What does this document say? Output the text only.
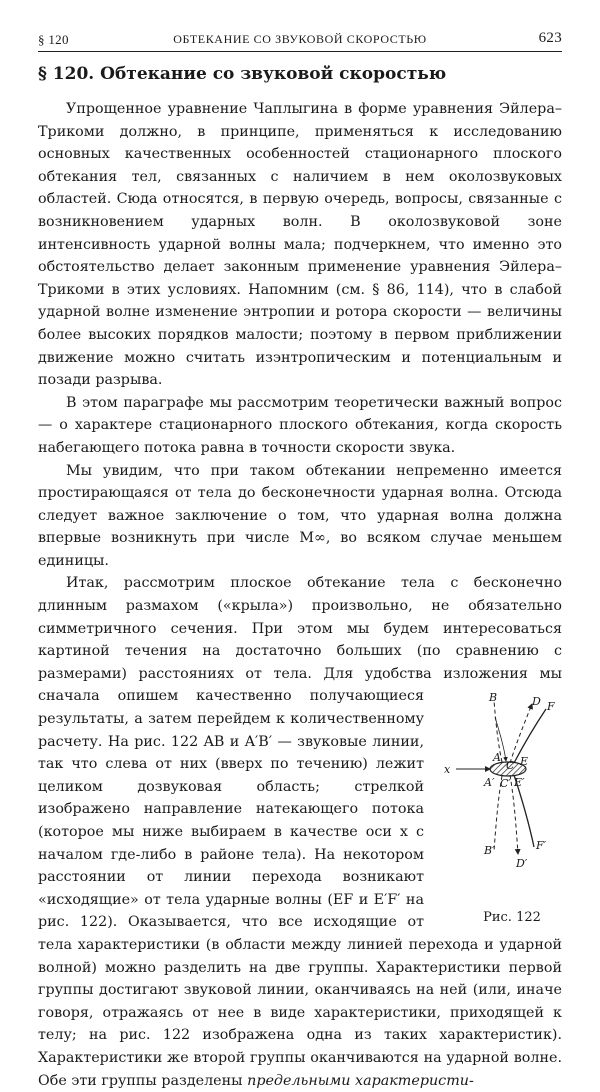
§ 120	ОБТЕКАНИЕ СО ЗВУКОВОЙ СКОРОСТЬЮ	623
§ 120. Обтекание со звуковой скоростью

Упрощенное уравнение Чаплыгина в форме уравнения Эйлера–Трикоми должно, в принципе, применяться к исследованию основных качественных особенностей стационарного плоского обтекания тел, связанных с наличием в нем околозвуковых областей. Сюда относятся, в первую очередь, вопросы, связанные с возникновением ударных волн. В околозвуковой зоне интенсивность ударной волны мала; подчеркнем, что именно это обстоятельство делает законным применение уравнения Эйлера–Трикоми в этих условиях. Напомним (см. § 86, 114), что в слабой ударной волне изменение энтропии и ротора скорости — величины более высоких порядков малости; поэтому в первом приближении движение можно считать изэнтропическим и потенциальным и позади разрыва.

В этом параграфе мы рассмотрим теоретически важный вопрос — о характере стационарного плоского обтекания, когда скорость набегающего потока равна в точности скорости звука.

Мы увидим, что при таком обтекании непременно имеется простирающаяся от тела до бесконечности ударная волна. Отсюда следует важное заключение о том, что ударная волна должна впервые возникнуть при числе M∞, во всяком случае меньшем единицы.

Итак, рассмотрим плоское обтекание тела с бесконечно длинным размахом («крыла») произвольно, не обязательно симметричного сечения. При этом мы будем интересоваться картиной течения на достаточно больших (по сравнению с размерами) расстояниях от тела. Для удобства изложения мы сначала	B	D F
A
C E
A′ C′ E′
B′
D′
F′
x
Рис. 122
опишем качественно получающиеся результаты, а затем перейдем к количественному расчету. На рис. 122 AB и A′B′ — звуковые линии, так что слева от них (вверх по течению) лежит целиком дозвуковая область; стрелкой изображено направление натекающего потока (которое мы ниже выбираем в качестве оси x с началом где-либо в районе тела). На некотором расстоянии от линии перехода возникают «исходящие» от тела ударные волны (EF и E′F′ на рис. 122). Оказывается, что все исходящие от тела характеристики (в области между линией перехода и ударной волной) можно разделить на две группы. Характеристики первой группы достигают звуковой линии, оканчиваясь на ней (или, иначе говоря, отражаясь от нее в виде характеристики, приходящей к телу; на рис. 122 изображена одна из таких характеристик). Характеристики же второй группы оканчиваются на ударной волне. Обе эти группы разделены предельными характеристи-
